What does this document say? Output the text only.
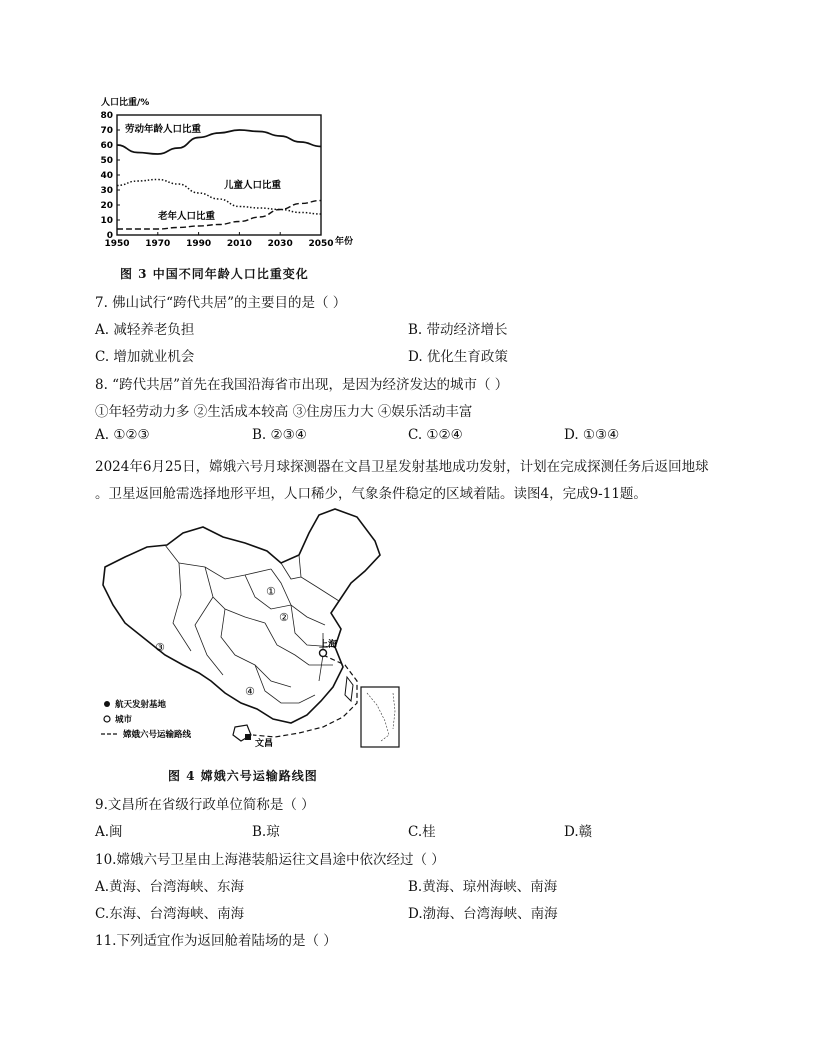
人口比重/%
年份
0
10
20
30
40
50
60
70
80
1950 1970 1990 2010 2030 2050
劳动年龄人口比重
儿童人口比重
老年人口比重
图 3 中国不同年龄人口比重变化
7. 佛山试行“跨代共居”的主要目的是（ ）
A. 减轻养老负担	B. 带动经济增长
C. 增加就业机会	D. 优化生育政策
8. “跨代共居”首先在我国沿海省市出现，是因为经济发达的城市（ ）
①年轻劳动力多 ②生活成本较高 ③住房压力大 ④娱乐活动丰富
A. ①②③	B. ②③④	C. ①②④	D. ①③④
2024年6月25日，嫦娥六号月球探测器在文昌卫星发射基地成功发射，计划在完成探测任务后返回地球
。卫星返回舱需选择地形平坦，人口稀少，气象条件稳定的区域着陆。读图4，完成9-11题。
上海
文昌
①
②
③
④
航天发射基地
城市
嫦娥六号运输路线
图 4 嫦娥六号运输路线图
9.文昌所在省级行政单位简称是（ ）
A.闽	B.琼	C.桂	D.赣
10.嫦娥六号卫星由上海港装船运往文昌途中依次经过（ ）
A.黄海、台湾海峡、东海	B.黄海、琼州海峡、南海
C.东海、台湾海峡、南海	D.渤海、台湾海峡、南海
11.下列适宜作为返回舱着陆场的是（ ）
